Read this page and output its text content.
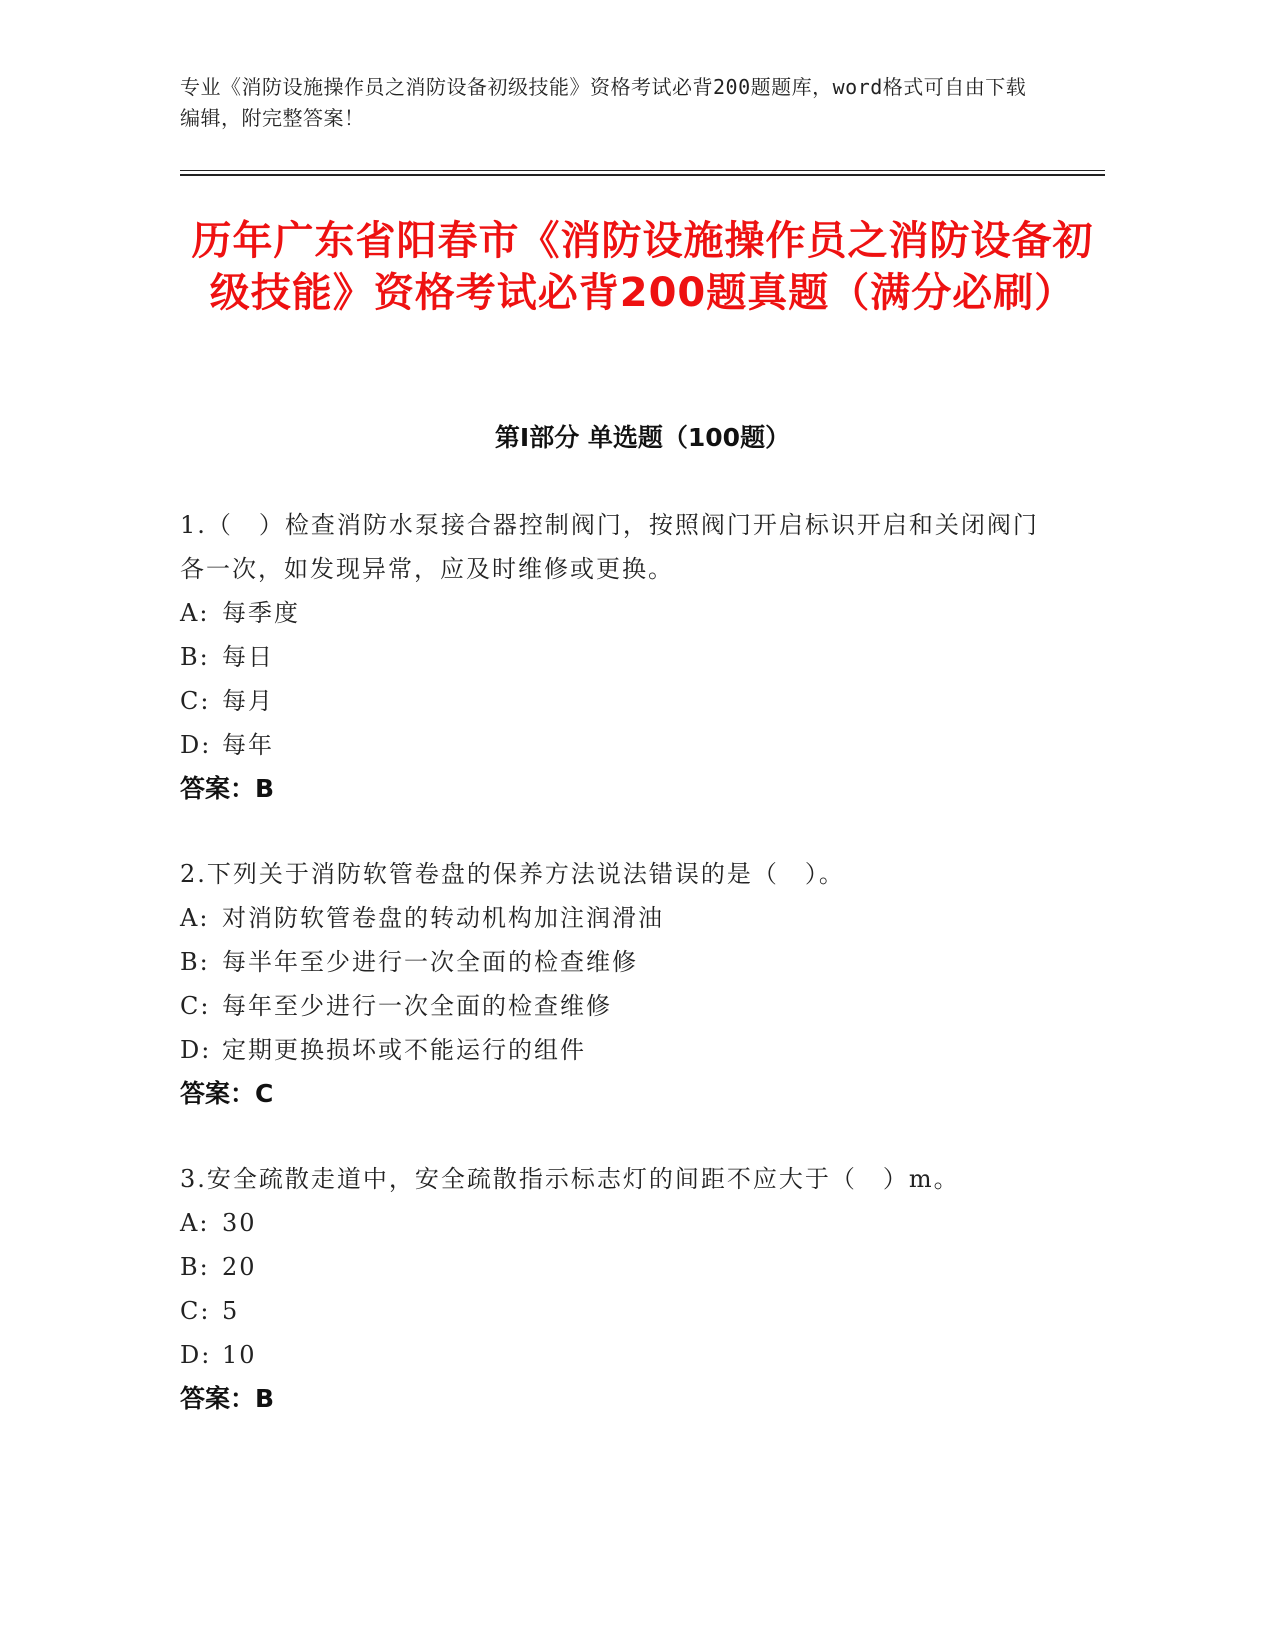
专业《消防设施操作员之消防设备初级技能》资格考试必背200题题库，word格式可自由下载编辑，附完整答案！
历年广东省阳春市《消防设施操作员之消防设备初级技能》资格考试必背200题真题（满分必刷）
第Ⅰ部分 单选题（100题）
1.（　）检查消防水泵接合器控制阀门，按照阀门开启标识开启和关闭阀门各一次，如发现异常，应及时维修或更换。
A: 每季度
B: 每日
C: 每月
D: 每年
答案：B
2.下列关于消防软管卷盘的保养方法说法错误的是（　）。
A: 对消防软管卷盘的转动机构加注润滑油
B: 每半年至少进行一次全面的检查维修
C: 每年至少进行一次全面的检查维修
D: 定期更换损坏或不能运行的组件
答案：C
3.安全疏散走道中，安全疏散指示标志灯的间距不应大于（　）m。
A: 30
B: 20
C: 5
D: 10
答案：B
